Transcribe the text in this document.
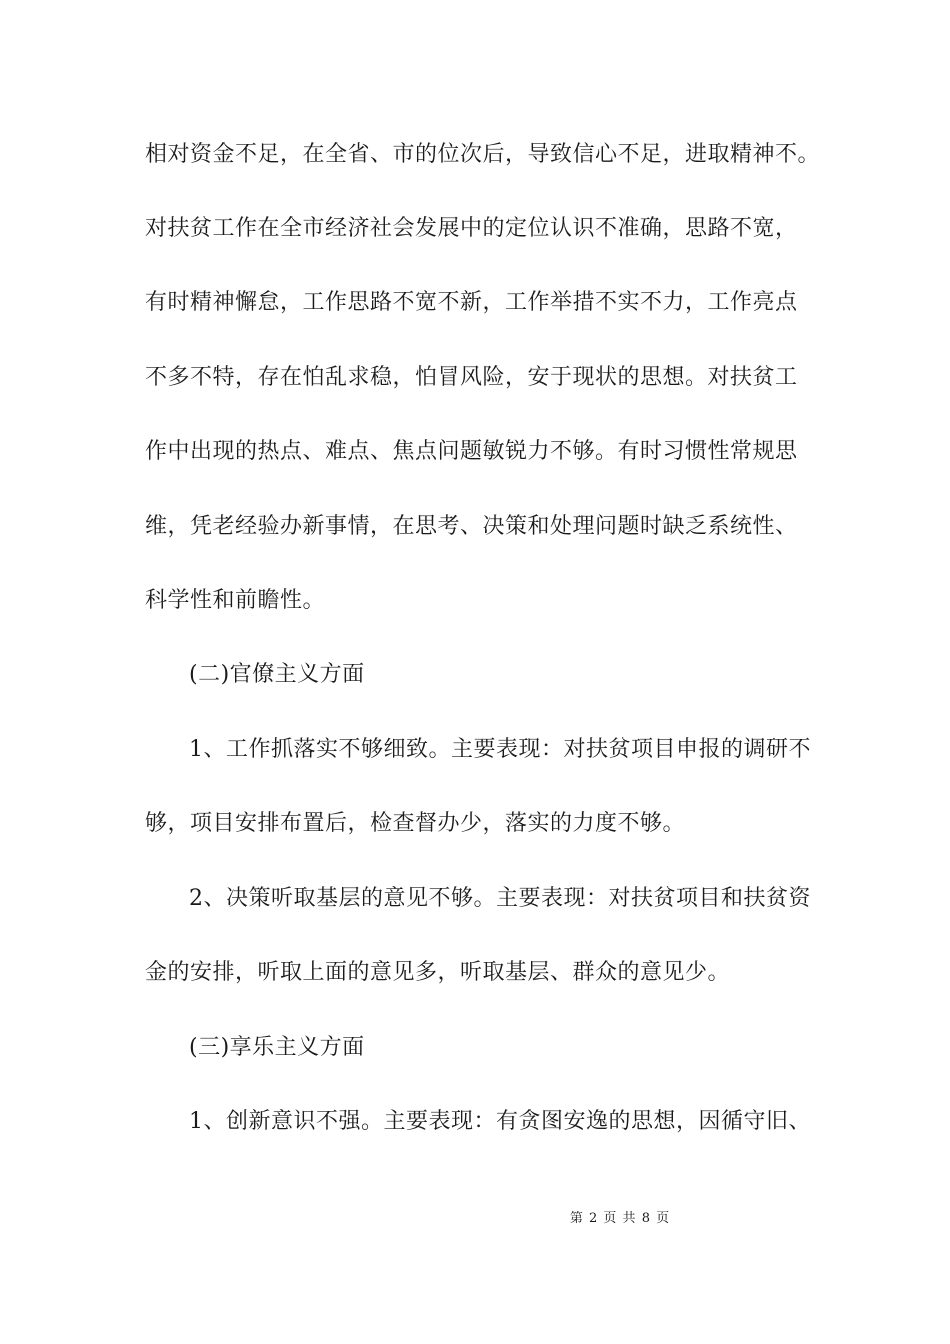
相对资金不足，在全省、市的位次后，导致信心不足，进取精神不。
对扶贫工作在全市经济社会发展中的定位认识不准确，思路不宽，
有时精神懈怠，工作思路不宽不新，工作举措不实不力，工作亮点
不多不特，存在怕乱求稳，怕冒风险，安于现状的思想。对扶贫工
作中出现的热点、难点、焦点问题敏锐力不够。有时习惯性常规思
维，凭老经验办新事情，在思考、决策和处理问题时缺乏系统性、
科学性和前瞻性。
(二)官僚主义方面
1、工作抓落实不够细致。主要表现：对扶贫项目申报的调研不
够，项目安排布置后，检查督办少，落实的力度不够。
2、决策听取基层的意见不够。主要表现：对扶贫项目和扶贫资
金的安排，听取上面的意见多，听取基层、群众的意见少。
(三)享乐主义方面
1、创新意识不强。主要表现：有贪图安逸的思想，因循守旧、
第 2 页 共 8 页
